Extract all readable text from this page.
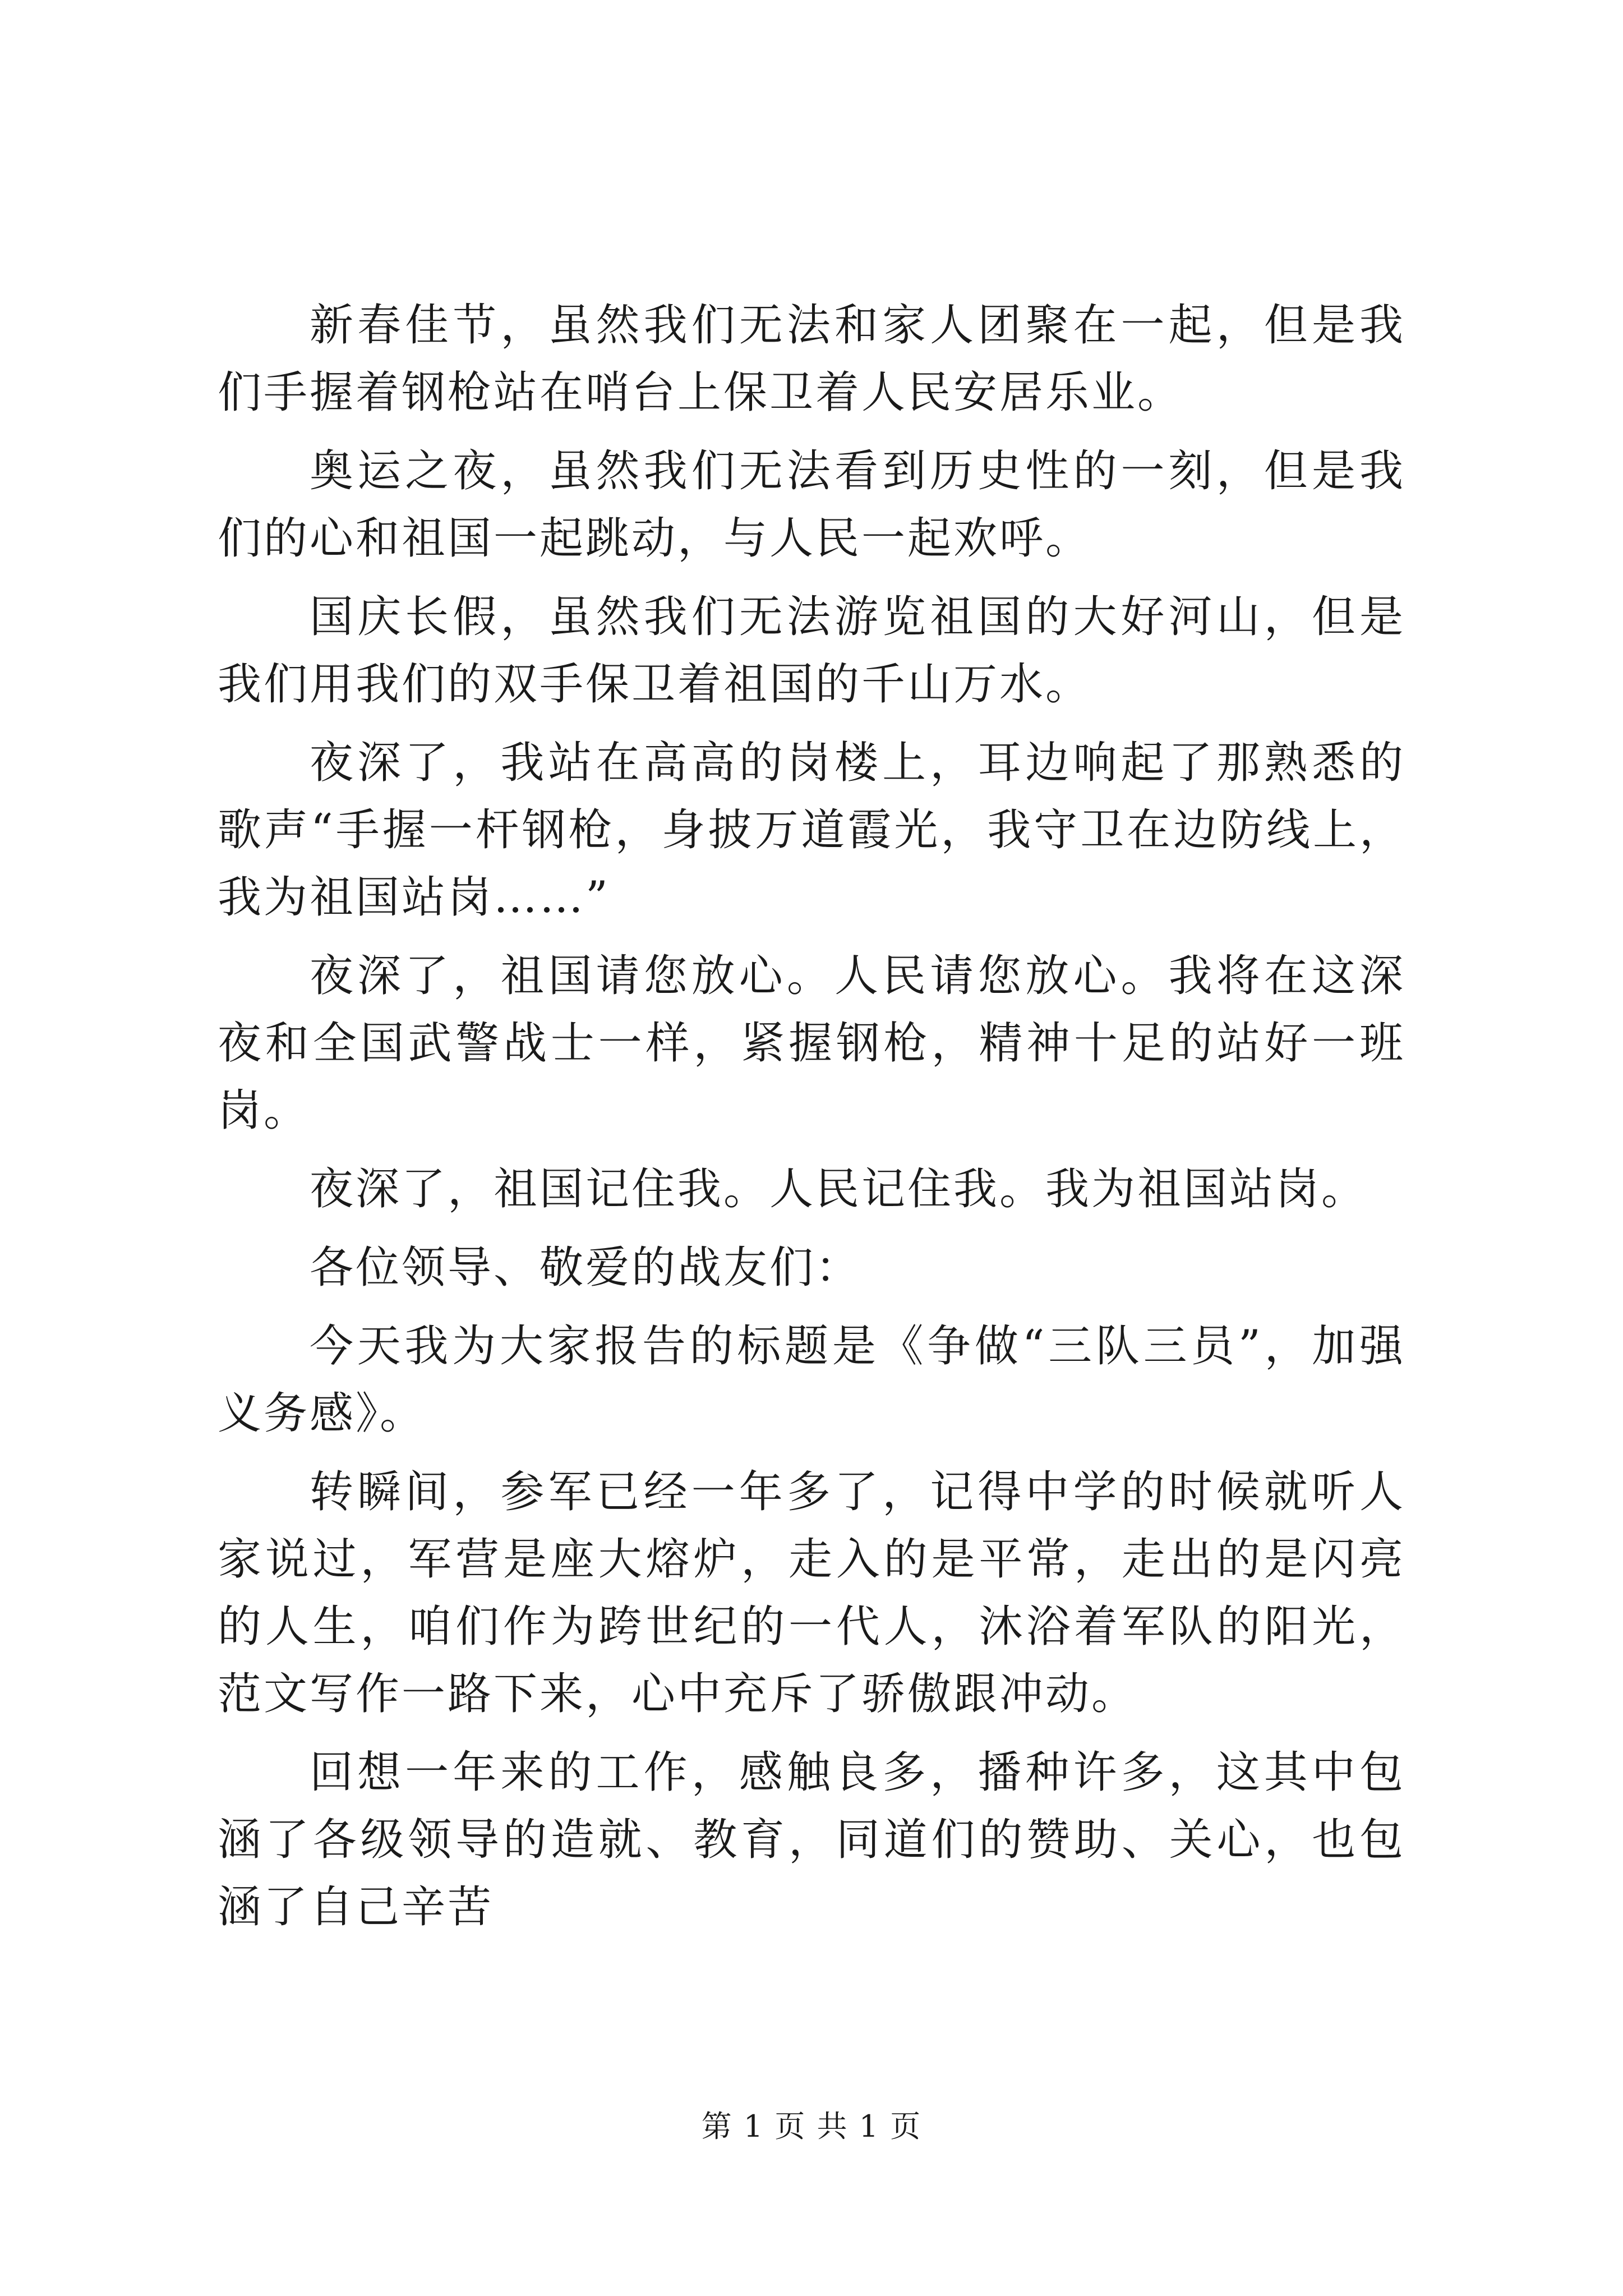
新春佳节，虽然我们无法和家人团聚在一起，但是我们手握着钢枪站在哨台上保卫着人民安居乐业。

奥运之夜，虽然我们无法看到历史性的一刻，但是我们的心和祖国一起跳动，与人民一起欢呼。

国庆长假，虽然我们无法游览祖国的大好河山，但是我们用我们的双手保卫着祖国的千山万水。

夜深了，我站在高高的岗楼上，耳边响起了那熟悉的歌声“手握一杆钢枪，身披万道霞光，我守卫在边防线上，我为祖国站岗……”

夜深了，祖国请您放心。人民请您放心。我将在这深夜和全国武警战士一样，紧握钢枪，精神十足的站好一班岗。

夜深了，祖国记住我。人民记住我。我为祖国站岗。

各位领导、敬爱的战友们：

今天我为大家报告的标题是《争做“三队三员”，加强义务感》。

转瞬间，参军已经一年多了，记得中学的时候就听人家说过，军营是座大熔炉，走入的是平常，走出的是闪亮的人生，咱们作为跨世纪的一代人，沐浴着军队的阳光，范文写作一路下来，心中充斥了骄傲跟冲动。

回想一年来的工作，感触良多，播种许多，这其中包涵了各级领导的造就、教育，同道们的赞助、关心，也包涵了自己辛苦

第 1 页 共 1 页
